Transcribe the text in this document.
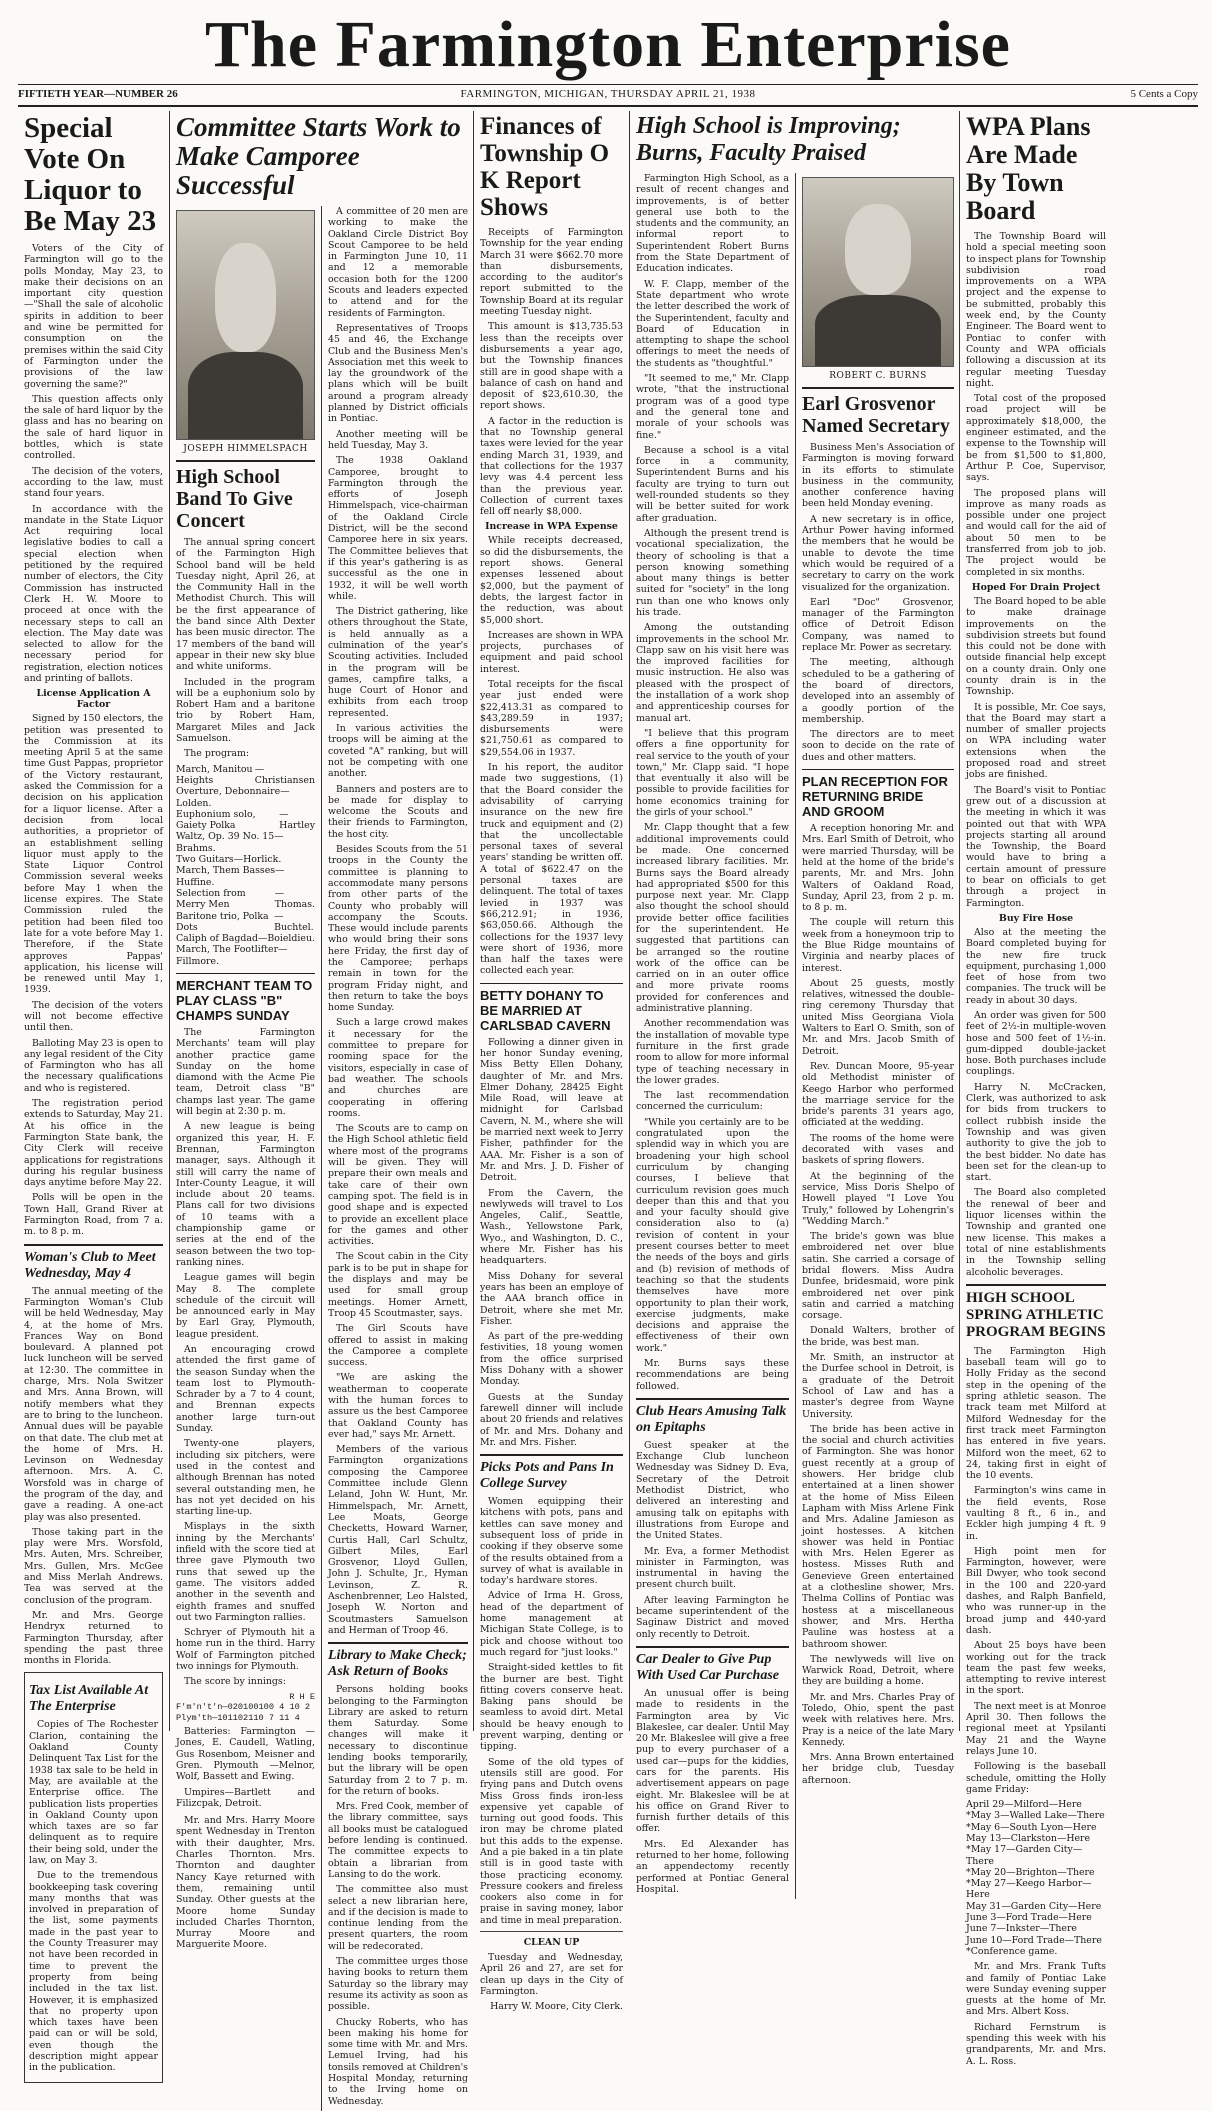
The Farmington Enterprise
FIFTIETH YEAR—NUMBER 26	FARMINGTON, MICHIGAN, THURSDAY APRIL 21, 1938	5 Cents a Copy
Special Vote On Liquor to Be May 23

Voters of the City of Farmington will go to the polls Monday, May 23, to make their decisions on an important city question—"Shall the sale of alcoholic spirits in addition to beer and wine be permitted for consumption on the premises within the said City of Farmington under the provisions of the law governing the same?"

This question affects only the sale of hard liquor by the glass and has no bearing on the sale of hard liquor in bottles, which is state controlled.

The decision of the voters, according to the law, must stand four years.

In accordance with the mandate in the State Liquor Act requiring local legislative bodies to call a special election when petitioned by the required number of electors, the City Commission has instructed Clerk H. W. Moore to proceed at once with the necessary steps to call an election. The May date was selected to allow for the necessary period for registration, election notices and printing of ballots.

License Application A Factor

Signed by 150 electors, the petition was presented to the Commission at its meeting April 5 at the same time Gust Pappas, proprietor of the Victory restaurant, asked the Commission for a decision on his application for a liquor license. After a decision from local authorities, a proprietor of an establishment selling liquor must apply to the State Liquor Control Commission several weeks before May 1 when the license expires. The State Commission ruled the petition had been filed too late for a vote before May 1. Therefore, if the State approves Pappas' application, his license will be renewed until May 1, 1939.

The decision of the voters will not become effective until then.

Balloting May 23 is open to any legal resident of the City of Farmington who has all the necessary qualifications and who is registered.

The registration period extends to Saturday, May 21. At his office in the Farmington State bank, the City Clerk will receive applications for registrations during his regular business days anytime before May 22.

Polls will be open in the Town Hall, Grand River at Farmington Road, from 7 a. m. to 8 p. m.

Woman's Club to Meet Wednesday, May 4

The annual meeting of the Farmington Woman's Club will be held Wednesday, May 4, at the home of Mrs. Frances Way on Bond boulevard. A planned pot luck luncheon will be served at 12:30. The committee in charge, Mrs. Nola Switzer and Mrs. Anna Brown, will notify members what they are to bring to the luncheon. Annual dues will be payable on that date. The club met at the home of Mrs. H. Levinson on Wednesday afternoon. Mrs. A. C. Worsfold was in charge of the program of the day, and gave a reading. A one-act play was also presented.

Those taking part in the play were Mrs. Worsfold, Mrs. Auten, Mrs. Schreiber, Mrs. Gullen, Mrs. McGee and Miss Merlah Andrews. Tea was served at the conclusion of the program.

Mr. and Mrs. George Hendryx returned to Farmington Thursday, after spending the past three months in Florida.

Tax List Available At The Enterprise

Copies of The Rochester Clarion, containing the Oakland County Delinquent Tax List for the 1938 tax sale to be held in May, are available at the Enterprise office. The publication lists properties in Oakland County upon which taxes are so far delinquent as to require their being sold, under the law, on May 3.

Due to the tremendous bookkeeping task covering many months that was involved in preparation of the list, some payments made in the past year to the County Treasurer may not have been recorded in time to prevent the property from being included in the tax list. However, it is emphasized that no property upon which taxes have been paid can or will be sold, even though the description might appear in the publication.

Committee Starts Work to Make Camporee Successful
JOSEPH HIMMELSPACH
High School Band To Give Concert

The annual spring concert of the Farmington High School band will be held Tuesday night, April 26, at the Community Hall in the Methodist Church. This will be the first appearance of the band since Alth Dexter has been music director. The 17 members of the band will appear in their new sky blue and white uniforms.

Included in the program will be a euphonium solo by Robert Ham and a baritone trio by Robert Ham, Margaret Miles and Jack Samuelson.

The program:

March, Manitou Heights
—Christiansen
Overture, Debonnaire—Lolden.
Euphonium solo, Gaiety Polka
—Hartley
Waltz, Op. 39 No. 15—Brahms.
Two Guitars—Horlick.
March, Them Basses—Huffine.
Selection from Merry Men
—Thomas.
Baritone trio, Polka Dots
—Buchtel.
Caliph of Bagdad—Boieldieu.
March, The Footlifter—Fillmore.
MERCHANT TEAM TO PLAY CLASS "B" CHAMPS SUNDAY

The Farmington Merchants' team will play another practice game Sunday on the home diamond with the Acme Pie team, Detroit class "B" champs last year. The game will begin at 2:30 p. m.

A new league is being organized this year, H. F. Brennan, Farmington manager, says. Although it still will carry the name of Inter-County League, it will include about 20 teams. Plans call for two divisions of 10 teams with a championship game or series at the end of the season between the two top-ranking nines.

League games will begin May 8. The complete schedule of the circuit will be announced early in May by Earl Gray, Plymouth, league president.

An encouraging crowd attended the first game of the season Sunday when the team lost to Plymouth-Schrader by a 7 to 4 count, and Brennan expects another large turn-out Sunday.

Twenty-one players, including six pitchers, were used in the contest and although Brennan has noted several outstanding men, he has not yet decided on his starting line-up.

Misplays in the sixth inning by the Merchants' infield with the score tied at three gave Plymouth two runs that sewed up the game. The visitors added another in the seventh and eighth frames and snuffed out two Farmington rallies.

Schryer of Plymouth hit a home run in the third. Harry Wolf of Farmington pitched two innings for Plymouth.

The score by innings:

R H E
F'm'n't'n—020100100 4 10 2
Plym'th—101102110 7 11 4

Batteries: Farmington — Jones, E. Caudell, Watling, Gus Rosenbom, Meisner and Gren. Plymouth —Melnor, Wolf, Bassett and Ewing.

Umpires—Bartlett and Filizcpak, Detroit.

Mr. and Mrs. Harry Moore spent Wednesday in Trenton with their daughter, Mrs. Charles Thornton. Mrs. Thornton and daughter Nancy Kaye returned with them, remaining until Sunday. Other guests at the Moore home Sunday included Charles Thornton, Murray Moore and Marguerite Moore.

A committee of 20 men are working to make the Oakland Circle District Boy Scout Camporee to be held in Farmington June 10, 11 and 12 a memorable occasion both for the 1200 Scouts and leaders expected to attend and for the residents of Farmington.

Representatives of Troops 45 and 46, the Exchange Club and the Business Men's Association met this week to lay the groundwork of the plans which will be built around a program already planned by District officials in Pontiac.

Another meeting will be held Tuesday, May 3.

The 1938 Oakland Camporee, brought to Farmington through the efforts of Joseph Himmelspach, vice-chairman of the Oakland Circle District, will be the second Camporee here in six years. The Committee believes that if this year's gathering is as successful as the one in 1932, it will be well worth while.

The District gathering, like others throughout the State, is held annually as a culmination of the year's Scouting activities. Included in the program will be games, campfire talks, a huge Court of Honor and exhibits from each troop represented.

In various activities the troops will be aiming at the coveted "A" ranking, but will not be competing with one another.

Banners and posters are to be made for display to welcome the Scouts and their friends to Farmington, the host city.

Besides Scouts from the 51 troops in the County the committee is planning to accommodate many persons from other parts of the County who probably will accompany the Scouts. These would include parents who would bring their sons here Friday, the first day of the Camporee; perhaps remain in town for the program Friday night, and then return to take the boys home Sunday.

Such a large crowd makes it necessary for the committee to prepare for rooming space for the visitors, especially in case of bad weather. The schools and churches are cooperating in offering rooms.

The Scouts are to camp on the High School athletic field where most of the programs will be given. They will prepare their own meals and take care of their own camping spot. The field is in good shape and is expected to provide an excellent place for the games and other activities.

The Scout cabin in the City park is to be put in shape for the displays and may be used for small group meetings. Homer Arnett, Troop 45 Scoutmaster, says.

The Girl Scouts have offered to assist in making the Camporee a complete success.

"We are asking the weatherman to cooperate with the human forces to assure us the best Camporee that Oakland County has ever had," says Mr. Arnett.

Members of the various Farmington organizations composing the Camporee Committee include Glenn Leland, John W. Hunt, Mr. Himmelspach, Mr. Arnett, Lee Moats, George Checketts, Howard Warner, Curtis Hall, Carl Schultz, Gilbert Miles, Earl Grosvenor, Lloyd Gullen, John J. Schulte, Jr., Hyman Levinson, Z. R. Aschenbrenner, Leo Halsted, Joseph W. Norton and Scoutmasters Samuelson and Herman of Troop 46.

Library to Make Check; Ask Return of Books

Persons holding books belonging to the Farmington Library are asked to return them Saturday. Some changes will make it necessary to discontinue lending books temporarily, but the library will be open Saturday from 2 to 7 p. m. for the return of books.

Mrs. Fred Cook, member of the library committee, says all books must be catalogued before lending is continued. The committee expects to obtain a librarian from Lansing to do the work.

The committee also must select a new librarian here, and if the decision is made to continue lending from the present quarters, the room will be redecorated.

The committee urges those having books to return them Saturday so the library may resume its activity as soon as possible.

Chucky Roberts, who has been making his home for some time with Mr. and Mrs. Lemuel Irving, had his tonsils removed at Children's Hospital Monday, returning to the Irving home on Wednesday.

Finances of Township O K Report Shows

Receipts of Farmington Township for the year ending March 31 were $662.70 more than disbursements, according to the auditor's report submitted to the Township Board at its regular meeting Tuesday night.

This amount is $13,735.53 less than the receipts over disbursements a year ago, but the Township finances still are in good shape with a balance of cash on hand and deposit of $23,610.30, the report shows.

A factor in the reduction is that no Township general taxes were levied for the year ending March 31, 1939, and that collections for the 1937 levy was 4.4 percent less than the previous year. Collection of current taxes fell off nearly $8,000.

Increase in WPA Expense

While receipts decreased, so did the disbursements, the report shows. General expenses lessened about $2,000, but the payment of debts, the largest factor in the reduction, was about $5,000 short.

Increases are shown in WPA projects, purchases of equipment and paid school interest.

Total receipts for the fiscal year just ended were $22,413.31 as compared to $43,289.59 in 1937; disbursements were $21,750.61 as compared to $29,554.06 in 1937.

In his report, the auditor made two suggestions, (1) that the Board consider the advisability of carrying insurance on the new fire truck and equipment and (2) that the uncollectable personal taxes of several years' standing be written off. A total of $622.47 on the personal taxes are delinquent. The total of taxes levied in 1937 was $66,212.91; in 1936, $63,050.66. Although the collections for the 1937 levy were short of 1936, more than half the taxes were collected each year.

BETTY DOHANY TO BE MARRIED AT CARLSBAD CAVERN

Following a dinner given in her honor Sunday evening, Miss Betty Ellen Dohany, daughter of Mr. and Mrs. Elmer Dohany, 28425 Eight Mile Road, will leave at midnight for Carlsbad Cavern, N. M., where she will be married next week to Jerry Fisher, pathfinder for the AAA. Mr. Fisher is a son of Mr. and Mrs. J. D. Fisher of Detroit.

From the Cavern, the newlyweds will travel to Los Angeles, Calif., Seattle, Wash., Yellowstone Park, Wyo., and Washington, D. C., where Mr. Fisher has his headquarters.

Miss Dohany for several years has been an employe of the AAA branch office in Detroit, where she met Mr. Fisher.

As part of the pre-wedding festivities, 18 young women from the office surprised Miss Dohany with a shower Monday.

Guests at the Sunday farewell dinner will include about 20 friends and relatives of Mr. and Mrs. Dohany and Mr. and Mrs. Fisher.

Picks Pots and Pans In College Survey

Women equipping their kitchens with pots, pans and kettles can save money and subsequent loss of pride in cooking if they observe some of the results obtained from a survey of what is available in today's hardware stores.

Advice of Irma H. Gross, head of the department of home management at Michigan State College, is to pick and choose without too much regard for "just looks."

Straight-sided kettles to fit the burner are best. Tight fitting covers conserve heat. Baking pans should be seamless to avoid dirt. Metal should be heavy enough to prevent warping, denting or tipping.

Some of the old types of utensils still are good. For frying pans and Dutch ovens Miss Gross finds iron-less expensive yet capable of turning out good foods. This iron may be chrome plated but this adds to the expense. And a pie baked in a tin plate still is in good taste with those practicing economy. Pressure cookers and fireless cookers also come in for praise in saving money, labor and time in meal preparation.

CLEAN UP

Tuesday and Wednesday, April 26 and 27, are set for clean up days in the City of Farmington.

Harry W. Moore, City Clerk.
High School is Improving; Burns, Faculty Praised

Farmington High School, as a result of recent changes and improvements, is of better general use both to the students and the community, an informal report to Superintendent Robert Burns from the State Department of Education indicates.

W. F. Clapp, member of the State department who wrote the letter described the work of the Superintendent, faculty and Board of Education in attempting to shape the school offerings to meet the needs of the students as "thoughtful."

"It seemed to me," Mr. Clapp wrote, "that the instructional program was of a good type and the general tone and morale of your schools was fine."

Because a school is a vital force in a community, Superintendent Burns and his faculty are trying to turn out well-rounded students so they will be better suited for work after graduation.

Although the present trend is vocational specialization, the theory of schooling is that a person knowing something about many things is better suited for "society" in the long run than one who knows only his trade.

Among the outstanding improvements in the school Mr. Clapp saw on his visit here was the improved facilities for music instruction. He also was pleased with the prospect of the installation of a work shop and apprenticeship courses for manual art.

"I believe that this program offers a fine opportunity for real service to the youth of your town," Mr. Clapp said. "I hope that eventually it also will be possible to provide facilities for home economics training for the girls of your school."

Mr. Clapp thought that a few additional improvements could be made. One concerned increased library facilities. Mr. Burns says the Board already had appropriated $500 for this purpose next year. Mr. Clapp also thought the school should provide better office facilities for the superintendent. He suggested that partitions can be arranged so the routine work of the office can be carried on in an outer office and more private rooms provided for conferences and administrative planning.

Another recommendation was the installation of movable type furniture in the first grade room to allow for more informal type of teaching necessary in the lower grades.

The last recommendation concerned the curriculum:

"While you certainly are to be congratulated upon the splendid way in which you are broadening your high school curriculum by changing courses, I believe that curriculum revision goes much deeper than this and that you and your faculty should give consideration also to (a) revision of content in your present courses better to meet the needs of the boys and girls and (b) revision of methods of teaching so that the students themselves have more opportunity to plan their work, exercise judgments, make decisions and appraise the effectiveness of their own work."

Mr. Burns says these recommendations are being followed.

Club Hears Amusing Talk on Epitaphs

Guest speaker at the Exchange Club luncheon Wednesday was Sidney D. Eva, Secretary of the Detroit Methodist District, who delivered an interesting and amusing talk on epitaphs with illustrations from Europe and the United States.

Mr. Eva, a former Methodist minister in Farmington, was instrumental in having the present church built.

After leaving Farmington he became superintendent of the Saginaw District and moved only recently to Detroit.

Car Dealer to Give Pup With Used Car Purchase

An unusual offer is being made to residents in the Farmington area by Vic Blakeslee, car dealer. Until May 20 Mr. Blakeslee will give a free pup to every purchaser of a used car—pups for the kiddies, cars for the parents. His advertisement appears on page eight. Mr. Blakeslee will be at his office on Grand River to furnish further details of this offer.

Mrs. Ed Alexander has returned to her home, following an appendectomy recently performed at Pontiac General Hospital.

ROBERT C. BURNS
Earl Grosvenor Named Secretary

Business Men's Association of Farmington is moving forward in its efforts to stimulate business in the community, another conference having been held Monday evening.

A new secretary is in office, Arthur Power having informed the members that he would be unable to devote the time which would be required of a secretary to carry on the work visualized for the organization.

Earl "Doc" Grosvenor, manager of the Farmington office of Detroit Edison Company, was named to replace Mr. Power as secretary.

The meeting, although scheduled to be a gathering of the board of directors, developed into an assembly of a goodly portion of the membership.

The directors are to meet soon to decide on the rate of dues and other matters.

PLAN RECEPTION FOR RETURNING BRIDE AND GROOM

A reception honoring Mr. and Mrs. Earl Smith of Detroit, who were married Thursday, will be held at the home of the bride's parents, Mr. and Mrs. John Walters of Oakland Road, Sunday, April 23, from 2 p. m. to 8 p. m.

The couple will return this week from a honeymoon trip to the Blue Ridge mountains of Virginia and nearby places of interest.

About 25 guests, mostly relatives, witnessed the double-ring ceremony Thursday that united Miss Georgiana Viola Walters to Earl O. Smith, son of Mr. and Mrs. Jacob Smith of Detroit.

Rev. Duncan Moore, 95-year old Methodist minister of Keego Harbor who performed the marriage service for the bride's parents 31 years ago, officiated at the wedding.

The rooms of the home were decorated with vases and baskets of spring flowers.

At the beginning of the service, Miss Doris Shelpo of Howell played "I Love You Truly," followed by Lohengrin's "Wedding March."

The bride's gown was blue embroidered net over blue satin. She carried a corsage of bridal flowers. Miss Audra Dunfee, bridesmaid, wore pink embroidered net over pink satin and carried a matching corsage.

Donald Walters, brother of the bride, was best man.

Mr. Smith, an instructor at the Durfee school in Detroit, is a graduate of the Detroit School of Law and has a master's degree from Wayne University.

The bride has been active in the social and church activities of Farmington. She was honor guest recently at a group of showers. Her bridge club entertained at a linen shower at the home of Miss Eileen Lapham with Miss Arlene Fink and Mrs. Adaline Jamieson as joint hostesses. A kitchen shower was held in Pontiac with Mrs. Helen Egerer as hostess. Misses Ruth and Genevieve Green entertained at a clothesline shower, Mrs. Thelma Collins of Pontiac was hostess at a miscellaneous shower, and Mrs. Hertha Pauline was hostess at a bathroom shower.

The newlyweds will live on Warwick Road, Detroit, where they are building a home.

Mr. and Mrs. Charles Pray of Toledo, Ohio, spent the past week with relatives here. Mrs. Pray is a neice of the late Mary Kennedy.

Mrs. Anna Brown entertained her bridge club, Tuesday afternoon.

WPA Plans Are Made By Town Board

The Township Board will hold a special meeting soon to inspect plans for Township subdivision road improvements on a WPA project and the expense to be submitted, probably this week end, by the County Engineer. The Board went to Pontiac to confer with County and WPA officials following a discussion at its regular meeting Tuesday night.

Total cost of the proposed road project will be approximately $18,000, the engineer estimated, and the expense to the Township will be from $1,500 to $1,800, Arthur P. Coe, Supervisor, says.

The proposed plans will improve as many roads as possible under one project and would call for the aid of about 50 men to be transferred from job to job. The project would be completed in six months.

Hoped For Drain Project

The Board hoped to be able to make drainage improvements on the subdivision streets but found this could not be done with outside financial help except on a county drain. Only one county drain is in the Township.

It is possible, Mr. Coe says, that the Board may start a number of smaller projects on WPA including water extensions when the proposed road and street jobs are finished.

The Board's visit to Pontiac grew out of a discussion at the meeting in which it was pointed out that with WPA projects starting all around the Township, the Board would have to bring a certain amount of pressure to bear on officials to get through a project in Farmington.

Buy Fire Hose

Also at the meeting the Board completed buying for the new fire truck equipment, purchasing 1,000 feet of hose from two companies. The truck will be ready in about 30 days.

An order was given for 500 feet of 2½-in multiple-woven hose and 500 feet of 1½-in. gum-dipped double-jacket hose. Both purchases include couplings.

Harry N. McCracken, Clerk, was authorized to ask for bids from truckers to collect rubbish inside the Township and was given authority to give the job to the best bidder. No date has been set for the clean-up to start.

The Board also completed the renewal of beer and liquor licenses within the Township and granted one new license. This makes a total of nine establishments in the Township selling alcoholic beverages.

HIGH SCHOOL SPRING ATHLETIC PROGRAM BEGINS

The Farmington High baseball team will go to Holly Friday as the second step in the opening of the spring athletic season. The track team met Milford at Milford Wednesday for the first track meet Farmington has entered in five years. Milford won the meet, 62 to 24, taking first in eight of the 10 events.

Farmington's wins came in the field events, Rose vaulting 8 ft., 6 in., and Eckler high jumping 4 ft. 9 in.

High point men for Farmington, however, were Bill Dwyer, who took second in the 100 and 220-yard dashes, and Ralph Banfield, who was runner-up in the broad jump and 440-yard dash.

About 25 boys have been working out for the track team the past few weeks, attempting to revive interest in the sport.

The next meet is at Monroe April 30. Then follows the regional meet at Ypsilanti May 21 and the Wayne relays June 10.

Following is the baseball schedule, omitting the Holly game Friday:

April 29—Milford—Here
*May 3—Walled Lake—There
*May 6—South Lyon—Here
May 13—Clarkston—Here
*May 17—Garden City—There
*May 20—Brighton—There
*May 27—Keego Harbor—Here
May 31—Garden City—Here
June 3—Ford Trade—Here
June 7—Inkster—There
June 10—Ford Trade—There
*Conference game.

Mr. and Mrs. Frank Tufts and family of Pontiac Lake were Sunday evening supper guests at the home of Mr. and Mrs. Albert Koss.

Richard Fernstrum is spending this week with his grandparents, Mr. and Mrs. A. L. Ross.
